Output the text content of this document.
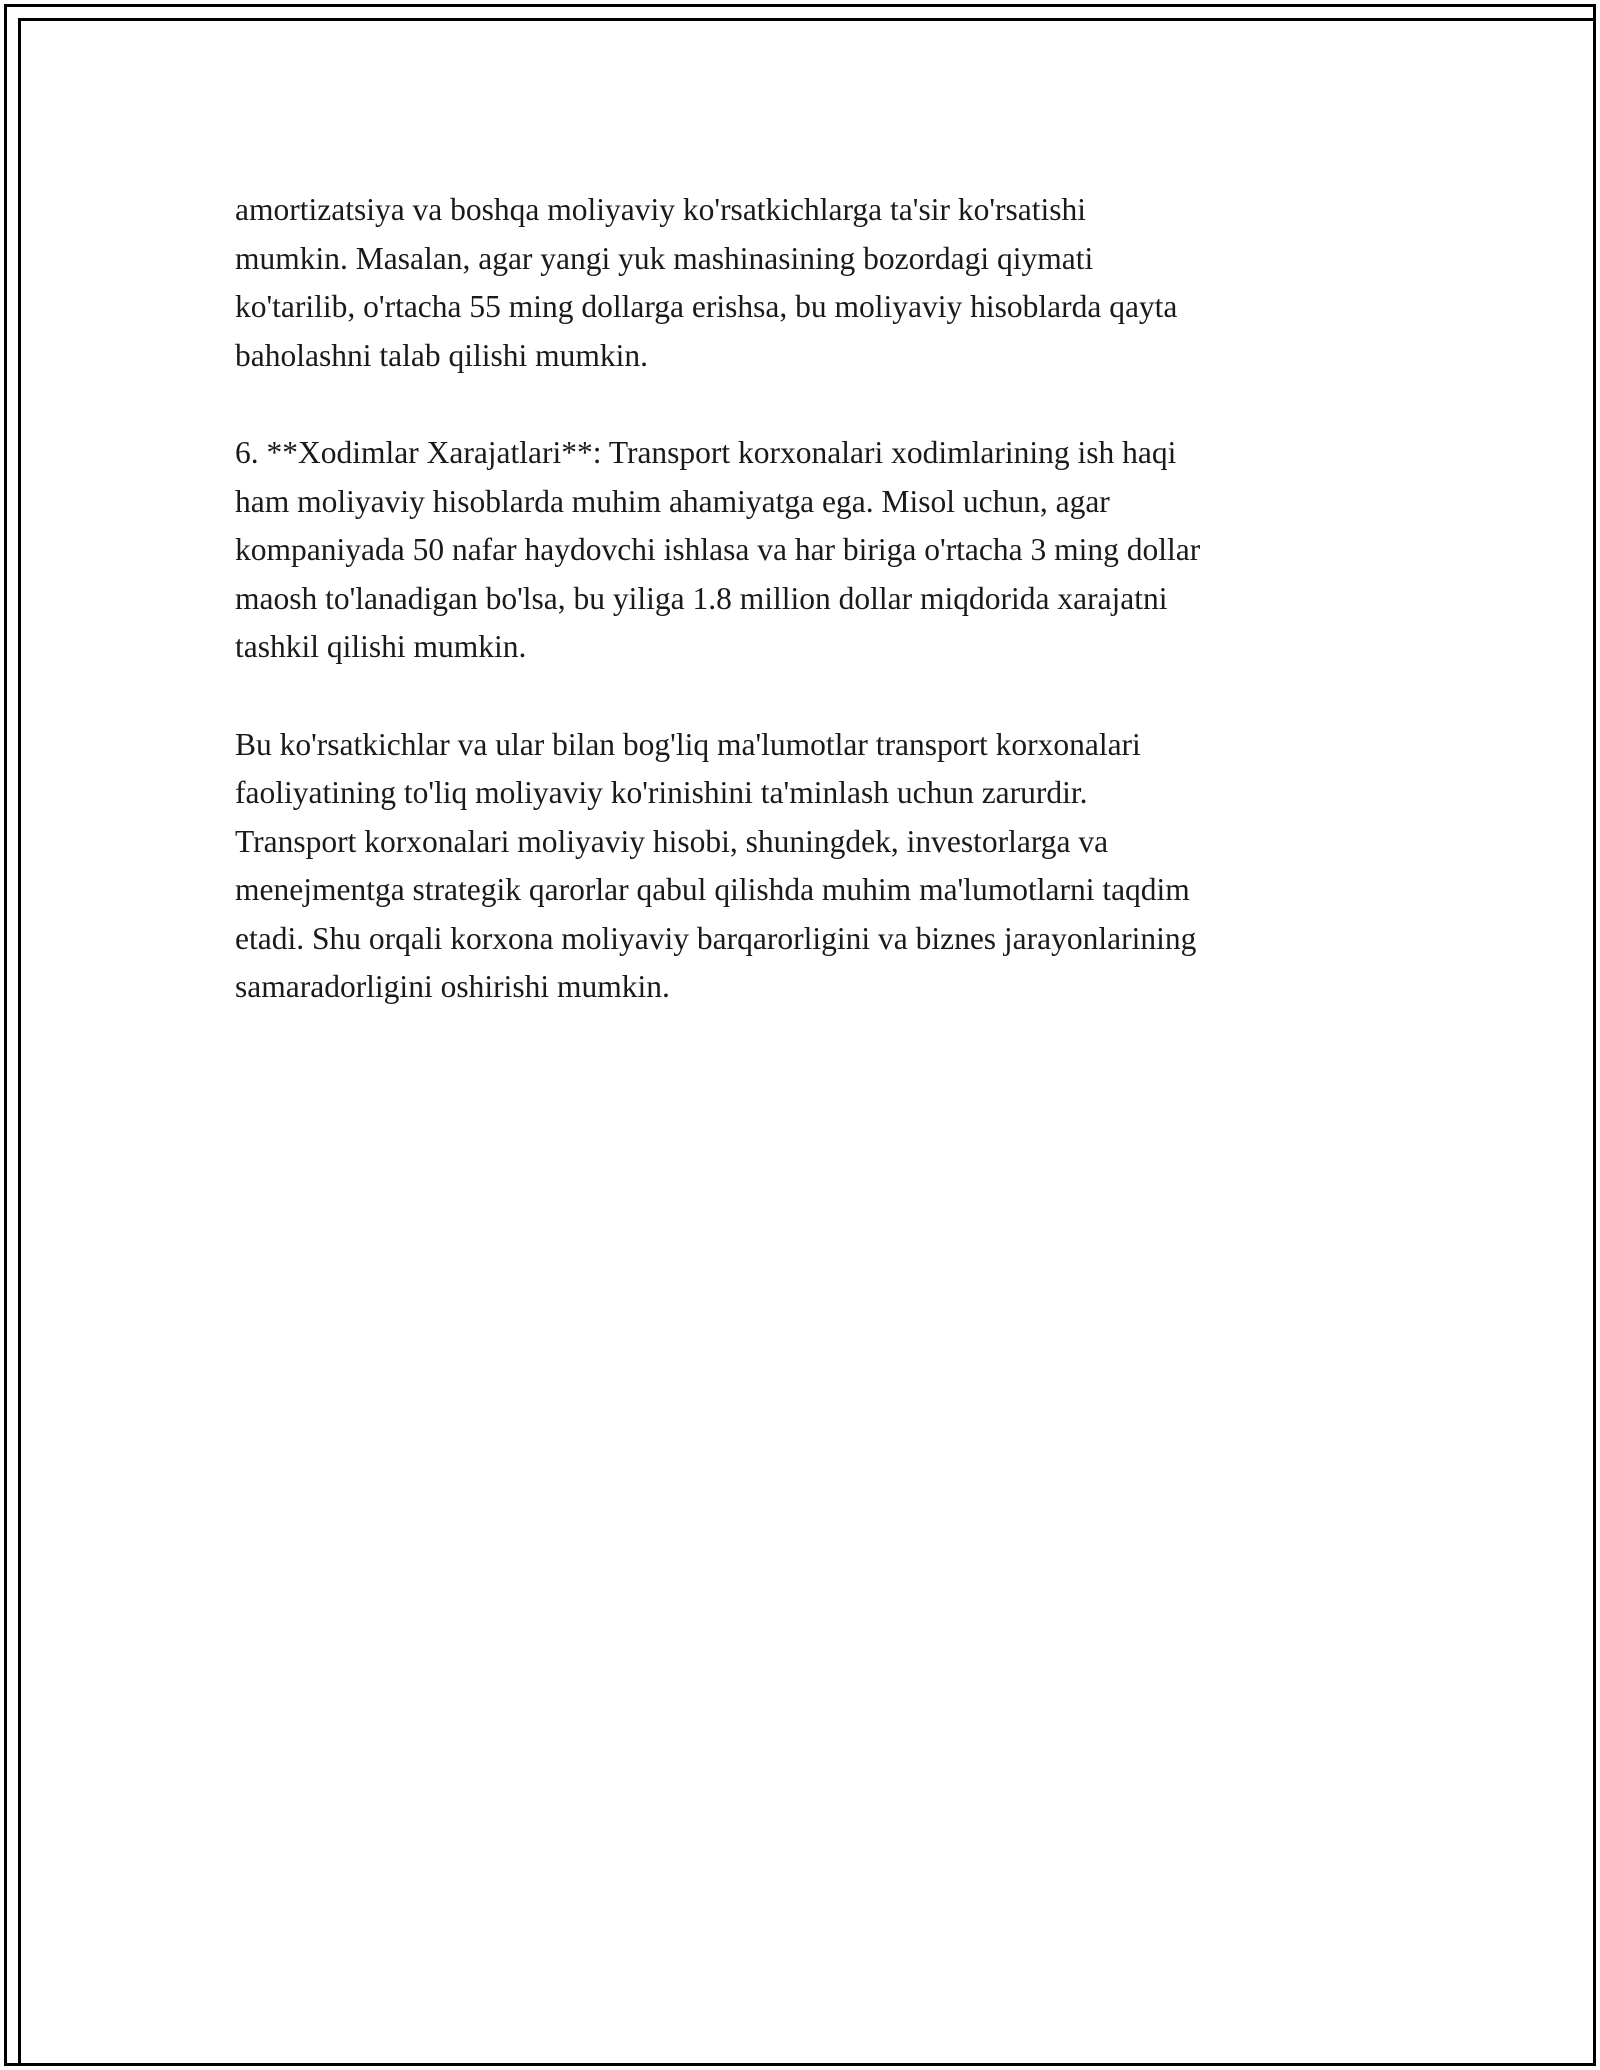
amortizatsiya va boshqa moliyaviy ko'rsatkichlarga ta'sir ko'rsatishi
mumkin. Masalan, agar yangi yuk mashinasining bozordagi qiymati
ko'tarilib, o'rtacha 55 ming dollarga erishsa, bu moliyaviy hisoblarda qayta
baholashni talab qilishi mumkin.

6. **Xodimlar Xarajatlari**: Transport korxonalari xodimlarining ish haqi
ham moliyaviy hisoblarda muhim ahamiyatga ega. Misol uchun, agar
kompaniyada 50 nafar haydovchi ishlasa va har biriga o'rtacha 3 ming dollar
maosh to'lanadigan bo'lsa, bu yiliga 1.8 million dollar miqdorida xarajatni
tashkil qilishi mumkin.

Bu ko'rsatkichlar va ular bilan bog'liq ma'lumotlar transport korxonalari
faoliyatining to'liq moliyaviy ko'rinishini ta'minlash uchun zarurdir.
Transport korxonalari moliyaviy hisobi, shuningdek, investorlarga va
menejmentga strategik qarorlar qabul qilishda muhim ma'lumotlarni taqdim
etadi. Shu orqali korxona moliyaviy barqarorligini va biznes jarayonlarining
samaradorligini oshirishi mumkin.
